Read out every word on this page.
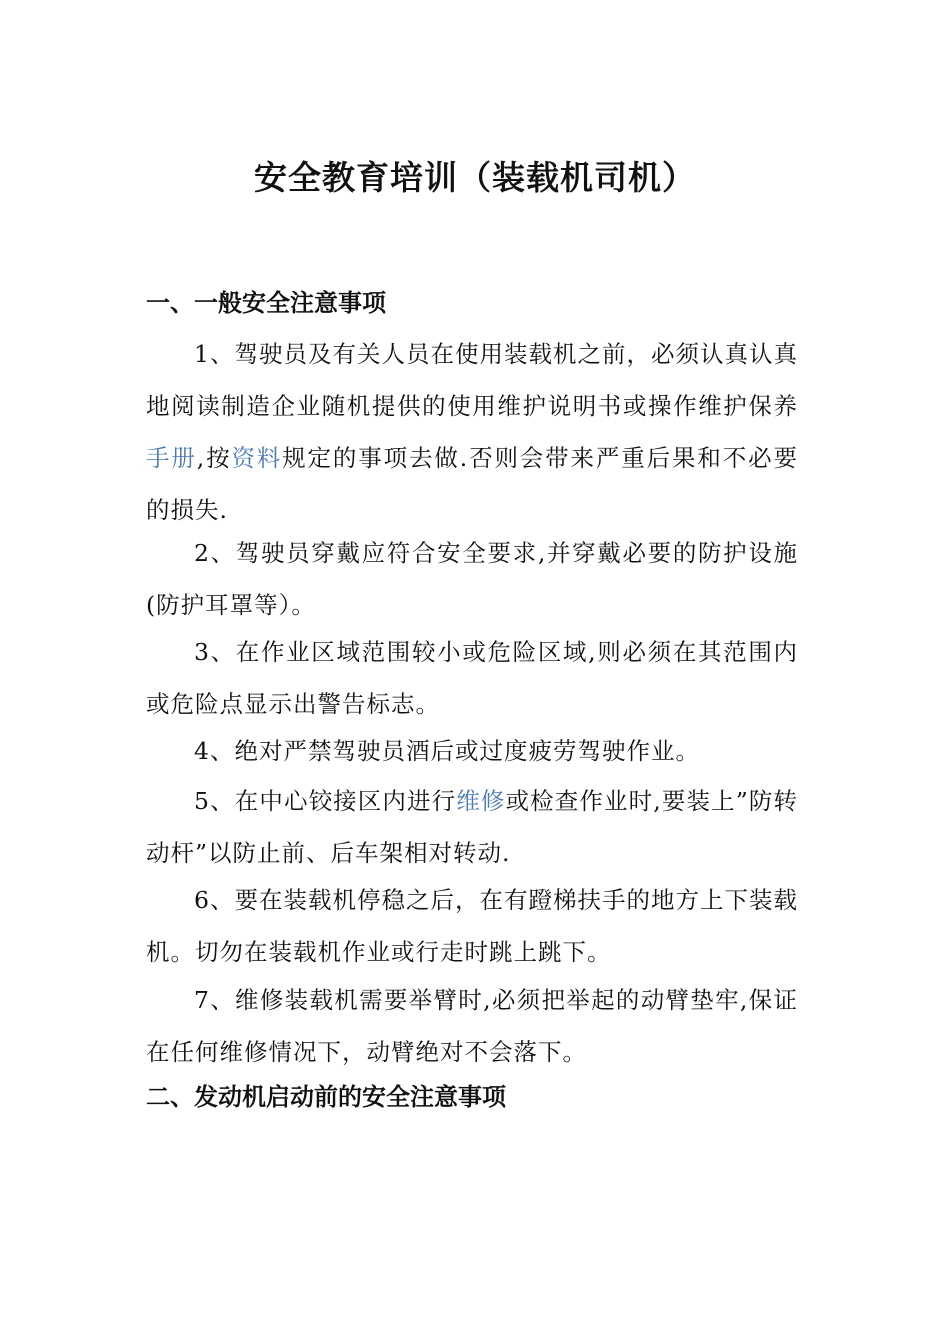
安全教育培训（装载机司机）
一、一般安全注意事项

1、驾驶员及有关人员在使用装载机之前，必须认真认真地阅读制造企业随机提供的使用维护说明书或操作维护保养手册,按资料规定的事项去做.否则会带来严重后果和不必要的损失.

2、驾驶员穿戴应符合安全要求,并穿戴必要的防护设施(防护耳罩等）。

3、在作业区域范围较小或危险区域,则必须在其范围内或危险点显示出警告标志。

4、绝对严禁驾驶员酒后或过度疲劳驾驶作业。

5、在中心铰接区内进行维修或检查作业时,要装上”防转动杆”以防止前、后车架相对转动.

6、要在装载机停稳之后，在有蹬梯扶手的地方上下装载机。切勿在装载机作业或行走时跳上跳下。

7、维修装载机需要举臂时,必须把举起的动臂垫牢,保证在任何维修情况下，动臂绝对不会落下。

二、发动机启动前的安全注意事项
